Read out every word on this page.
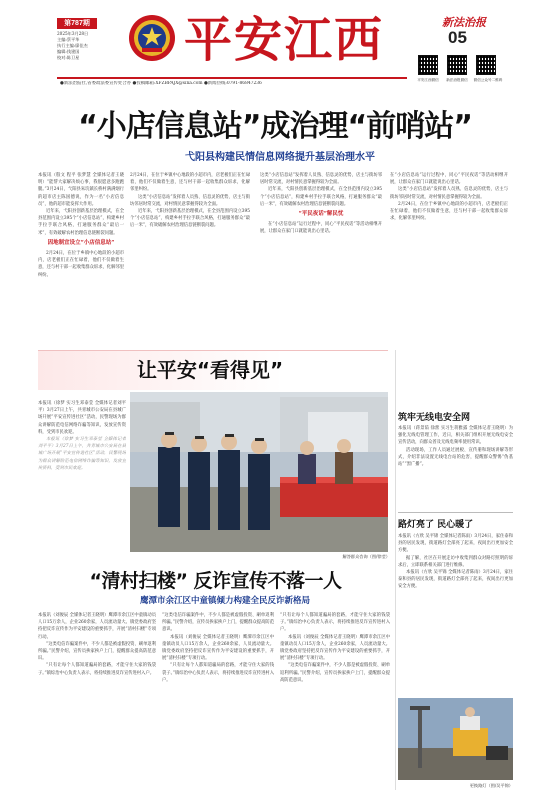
第787期
2025年3月28日
主编:蔡平华
执行主编:廖佳杰
编辑:钱建国
校对:陈卫星	平安江西	新法治报
05
平安江西微信	新法治报微信	微信公众号二维码
●新法治报社,省委政法委宣传处合办 ●投稿邮箱:XFZBPAJX@sina.com ●新闻热线:0791-86847236
“小店信息站”成治理“前哨站”
弋阳县构建民情信息网络提升基层治理水平
本报讯（殷文 程平 张梦慧 全媒体记者王晓明）“能帮大家解决烦心事，我很愿意多跑跑腿。”3月24日，弋阳县朱坑镇长桥村满满烟行的超市店主陈国德说，作为一名“小店信息员”，他的超市能发挥大作用。
近年来，弋阳县创新基层治理模式，在全县范围内设立395个“小店信息站”，构建乡村手拉手联合风格，打通服务群众“最后一米”，有效破解农村治理信息链断裂问题。
因地制宜设立“小店信息站”
2月24日，在位于乡镇中心地段的小超市内，店老板们正在忙碌着，他们不仅做着生意，还与村干部一起收集群众诉求，化解邻里纠纷。
2月24日，在位于乡镇中心地段的小超市内，店老板们正在忙碌着，他们不仅做着生意，还与村干部一起收集群众诉求，化解邻里纠纷。
这类“小店信息站”发挥着人员熟、信息灵的优势，店主与街坊邻居时常交流，对村情民意掌握得较为全面。
近年来，弋阳县创新基层治理模式，在全县范围内设立395个“小店信息站”，构建乡村手拉手联合风格，打通服务群众“最后一米”，有效破解农村治理信息链断裂问题。
这类“小店信息站”发挥着人员熟、信息灵的优势，店主与街坊邻居时常交流，对村情民意掌握得较为全面。
近年来，弋阳县创新基层治理模式，在全县范围内设立395个“小店信息站”，构建乡村手拉手联合风格，打通服务群众“最后一米”，有效破解农村治理信息链断裂问题。
“平民夜话”解民忧
在“小店信息站”运行过程中，同心“平民夜话”等活动相继开展，让群众在家门口就能说出心里话。
在“小店信息站”运行过程中，同心“平民夜话”等活动相继开展，让群众在家门口就能说出心里话。
这类“小店信息站”发挥着人员熟、信息灵的优势，店主与街坊邻居时常交流，对村情民意掌握得较为全面。
2月24日，在位于乡镇中心地段的小超市内，店老板们正在忙碌着，他们不仅做着生意，还与村干部一起收集群众诉求，化解邻里纠纷。
让平安“看得见”
本报讯（徐梦 实习生邓泰莹 全媒体记者刘平平）3月27日上午，共青城市公安局在县城广场开展“平安宣传进社区”活动，民警现场为群众讲解防范电信网络诈骗等知识，发放宣传资料，受到市民欢迎。
本报讯（徐梦 实习生邓泰莹 全媒体记者刘平平）3月27日上午，共青城市公安局在县城广场开展“平安宣传进社区”活动，民警现场为群众讲解防范电信网络诈骗等知识，发放宣传资料，受到市民欢迎。
解答群众咨询（图/徐莹）
筑牢无线电安全网
本报讯（蒋景茹 徐蕾 实习生蒋雅露 全媒体记者王晓明）为强化无线电管理工作，近日，相关部门组织开展无线电安全宣传活动，向群众普及无线电频率使用常识。
活动现场，工作人员通过展板、宣传册和现场讲解等形式，介绍非法设置无线电台站的危害，提醒群众警惕“伪基站”“黑广播”。
路灯亮了 民心暖了
本报讯（方欣 吴平锦 全媒体记者陈雨）3月24日，家住泰和县的居民发现，街道路灯全部亮了起来，夜间出行更加安全方便。
据了解，社区在开展走访中收集到群众对路灯照明的诉求后，立即联系相关部门进行维修。
本报讯（方欣 吴平锦 全媒体记者陈雨）3月24日，家住泰和县的居民发现，街道路灯全部亮了起来，夜间出行更加安全方便。
更换路灯（图/吴平锦）
“清村扫楼” 反诈宣传不落一人
鹰潭市余江区中童镇倾力构建全民反诈新格局
本报讯（刘俊辰 全媒体记者王晓明）鹰潭市余江区中童镇动员人口15万余人，企业260余家，人员流动量大。镇党委政府坚持把反诈宣传作为平安建设的重要抓手，开展“清村扫楼”专项行动。
“这类电信诈骗案件中，不少人都是被虚假投资、刷单返利所骗。”民警介绍，宣传员挨家挨户上门，提醒群众提高防范意识。
“只有让每个人都知道骗局的套路，才能守住大家的钱袋子。”镇综治中心负责人表示，将持续推进反诈宣传进村入户。
“这类电信诈骗案件中，不少人都是被虚假投资、刷单返利所骗。”民警介绍，宣传员挨家挨户上门，提醒群众提高防范意识。
本报讯（刘俊辰 全媒体记者王晓明）鹰潭市余江区中童镇动员人口15万余人，企业260余家，人员流动量大。镇党委政府坚持把反诈宣传作为平安建设的重要抓手，开展“清村扫楼”专项行动。
“只有让每个人都知道骗局的套路，才能守住大家的钱袋子。”镇综治中心负责人表示，将持续推进反诈宣传进村入户。
“只有让每个人都知道骗局的套路，才能守住大家的钱袋子。”镇综治中心负责人表示，将持续推进反诈宣传进村入户。
本报讯（刘俊辰 全媒体记者王晓明）鹰潭市余江区中童镇动员人口15万余人，企业260余家，人员流动量大。镇党委政府坚持把反诈宣传作为平安建设的重要抓手，开展“清村扫楼”专项行动。
“这类电信诈骗案件中，不少人都是被虚假投资、刷单返利所骗。”民警介绍，宣传员挨家挨户上门，提醒群众提高防范意识。
